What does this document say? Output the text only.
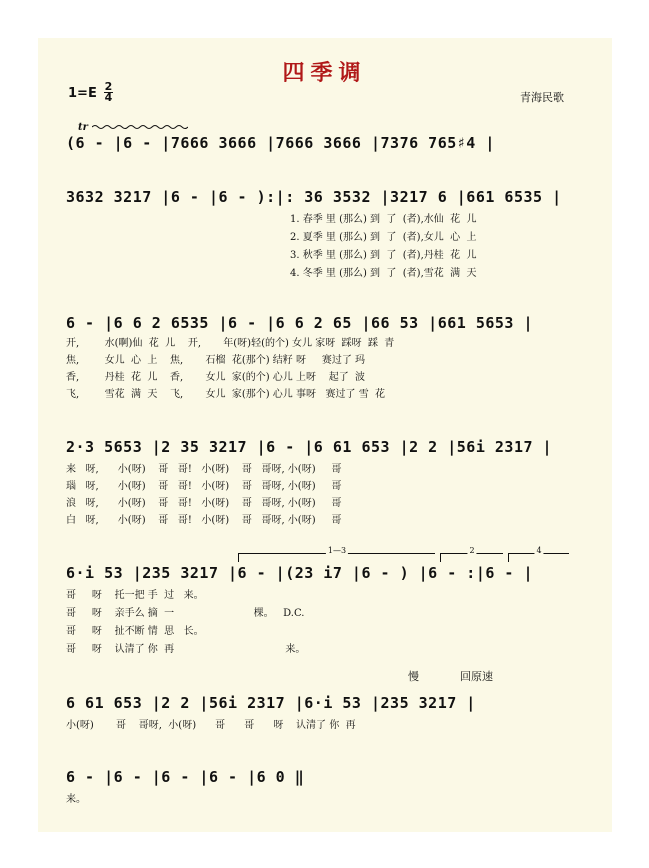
四季调
1=E 2
4	青海民歌
tr
(6 - |6 - |7666 3666 |7666 3666 |7376 765♯4 |
3632 3217 |6 - |6 - ):|: 36 3532 |3217 6 |661 6535 |
1. 春季 里 (那么) 到  了  (者),水仙  花  儿
2. 夏季 里 (那么) 到  了  (者),女儿  心  上
3. 秋季 里 (那么) 到  了  (者),丹桂  花  儿
4. 冬季 里 (那么) 到  了  (者),雪花  满  天
6 - |6 6 2 6535 |6 - |6 6 2 65 |66 53 |661 5653 |
开,        水(啊)仙  花  儿    开,       年(呀)轻(的个) 女儿 家呀  踩呀  踩  青
焦,        女儿  心  上    焦,       石榴  花(那个) 结籽 呀     赛过了 玛
香,        丹桂  花  儿    香,       女儿  家(的个) 心儿 上呀    起了  波
飞,        雪花  满  天    飞,       女儿  家(那个) 心儿 事呀   赛过了 雪  花
2·3 5653 |2 35 3217 |6 - |6 61 653 |2 2 |56i 2317 |
来   呀,      小(呀)    哥   哥!   小(呀)    哥   哥呀, 小(呀)     哥
瑙   呀,      小(呀)    哥   哥!   小(呀)    哥   哥呀, 小(呀)     哥
浪   呀,      小(呀)    哥   哥!   小(呀)    哥   哥呀, 小(呀)     哥
白   呀,      小(呀)    哥   哥!   小(呀)    哥   哥呀, 小(呀)     哥
1—3	2	4
6·i 53 |235 3217 |6 - |(23 i7 |6 - ) |6 - :|6 - |
哥     呀    托一把 手  过   来。
哥     呀    亲手么 摘  一                         棵。   D.C.
哥     呀    扯不断 情  思   长。
哥     呀    认清了 你  再                                   来。
慢	回原速
6 61 653 |2 2 |56i 2317 |6·i 53 |235 3217 |
小(呀)       哥    哥呀,  小(呀)      哥      哥      呀    认清了 你  再
6 - |6 - |6 - |6 - |6 0 ‖
来。
